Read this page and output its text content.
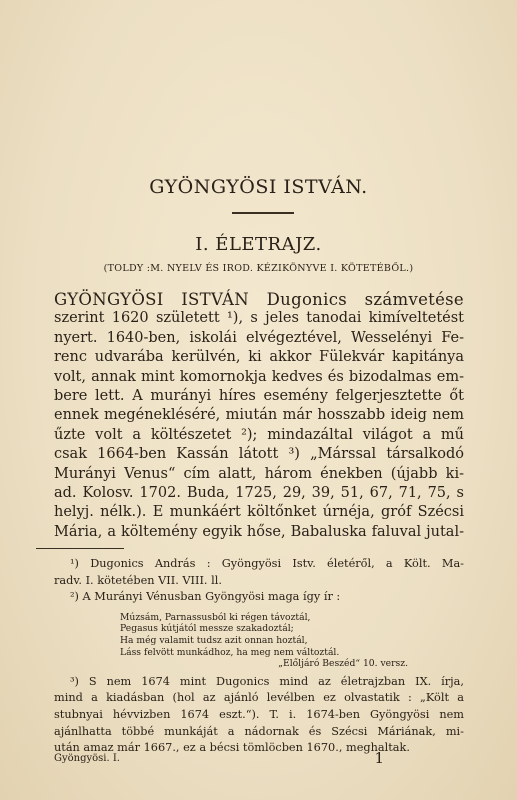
GYÖNGYÖSI ISTVÁN.
I. ÉLETRAJZ.
(TOLDY :M. NYELV ÉS IROD. KÉZIKÖNYVE I. KÖTETÉBŐL.)
GYÖNGYÖSI ISTVÁN Dugonics számvetése
szerint 1620 született ¹), s jeles tanodai kimíveltetést
nyert. 1640-ben, iskolái elvégeztével, Wesselényi Fe-
renc udvarába kerülvén, ki akkor Fülekvár kapitánya
volt, annak mint komornokja kedves és bizodalmas em-
bere lett. A murányi híres esemény felgerjesztette őt
ennek megénekléséré, miután már hosszabb ideig nem
űzte volt a költészetet ²); mindazáltal világot a mű
csak 1664-ben Kassán látott ³) „Márssal társalkodó
Murányi Venus“ cím alatt, három énekben (újabb ki-
ad. Kolosv. 1702. Buda, 1725, 29, 39, 51, 67, 71, 75, s
helyj. nélk.). E munkáért költőnket úrnéja, gróf Szécsi
Mária, a költemény egyik hőse, Babaluska faluval jutal-
¹) Dugonics András : Gyöngyösi Istv. életéről, a Költ. Ma-
radv. I. kötetében VII. VIII. ll.
²) A Murányi Vénusban Gyöngyösi maga így ír :
Múzsám, Parnassusból ki régen távoztál,
Pegasus kútjától messze szakadoztál;
Ha még valamit tudsz azit onnan hoztál,
Láss felvött munkádhoz, ha meg nem változtál.
„Előljáró Beszéd“ 10. versz.
³) S nem 1674 mint Dugonics mind az életrajzban IX. írja,
mind a kiadásban (hol az ajánló levélben ez olvastatik : „Költ a
stubnyai hévvizben 1674 eszt.“). T. i. 1674-ben Gyöngyösi nem
ajánlhatta többé munkáját a nádornak és Szécsi Máriának, mi-
után amaz már 1667., ez a bécsi tömlöcben 1670., meghaltak.
Gyöngyösi. I.	1
